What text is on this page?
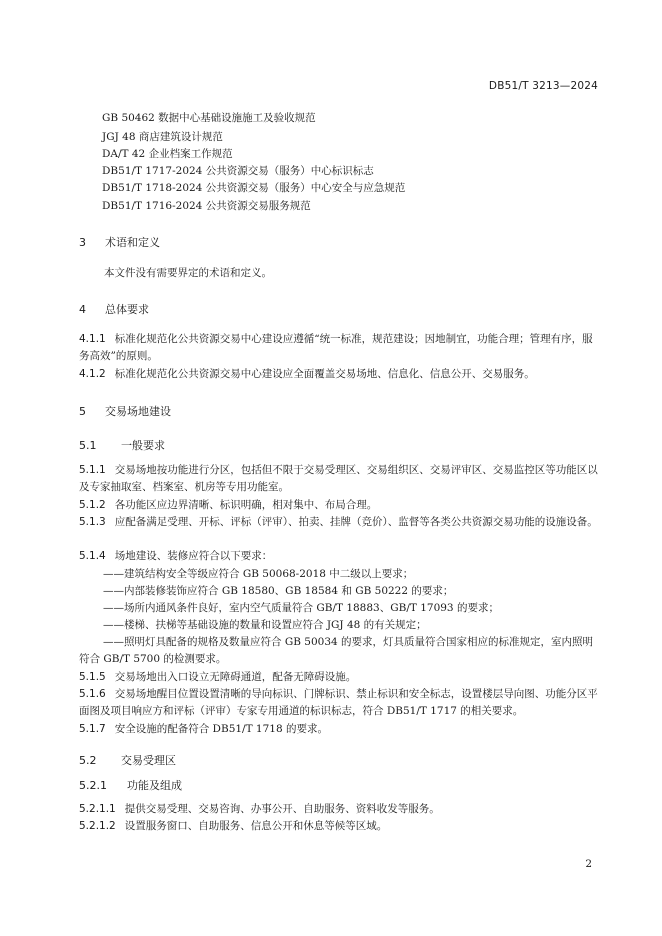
DB51/T 3213—2024
GB 50462 数据中心基础设施施工及验收规范
JGJ 48 商店建筑设计规范
DA/T 42 企业档案工作规范
DB51/T 1717-2024 公共资源交易（服务）中心标识标志
DB51/T 1718-2024 公共资源交易（服务）中心安全与应急规范
DB51/T 1716-2024 公共资源交易服务规范
3 术语和定义
本文件没有需要界定的术语和定义。
4 总体要求
4.1.1 标准化规范化公共资源交易中心建设应遵循“统一标准，规范建设；因地制宜，功能合理；管理有序，服务高效”的原则。
4.1.2 标准化规范化公共资源交易中心建设应全面覆盖交易场地、信息化、信息公开、交易服务。
5 交易场地建设
5.1 一般要求
5.1.1 交易场地按功能进行分区，包括但不限于交易受理区、交易组织区、交易评审区、交易监控区等功能区以及专家抽取室、档案室、机房等专用功能室。
5.1.2 各功能区应边界清晰、标识明确，相对集中、布局合理。
5.1.3 应配备满足受理、开标、评标（评审）、拍卖、挂牌（竞价）、监督等各类公共资源交易功能的设施设备。
5.1.4 场地建设、装修应符合以下要求：
——建筑结构安全等级应符合 GB 50068-2018 中二级以上要求；
——内部装修装饰应符合 GB 18580、GB 18584 和 GB 50222 的要求；
——场所内通风条件良好，室内空气质量符合 GB/T 18883、GB/T 17093 的要求；
——楼梯、扶梯等基础设施的数量和设置应符合 JGJ 48 的有关规定；
——照明灯具配备的规格及数量应符合 GB 50034 的要求，灯具质量符合国家相应的标准规定，室内照明符合 GB/T 5700 的检测要求。
5.1.5 交易场地出入口设立无障碍通道，配备无障碍设施。
5.1.6 交易场地醒目位置设置清晰的导向标识、门牌标识、禁止标识和安全标志，设置楼层导向图、功能分区平面图及项目响应方和评标（评审）专家专用通道的标识标志，符合 DB51/T 1717 的相关要求。
5.1.7 安全设施的配备符合 DB51/T 1718 的要求。
5.2 交易受理区
5.2.1 功能及组成
5.2.1.1 提供交易受理、交易咨询、办事公开、自助服务、资料收发等服务。
5.2.1.2 设置服务窗口、自助服务、信息公开和休息等候等区域。
2
